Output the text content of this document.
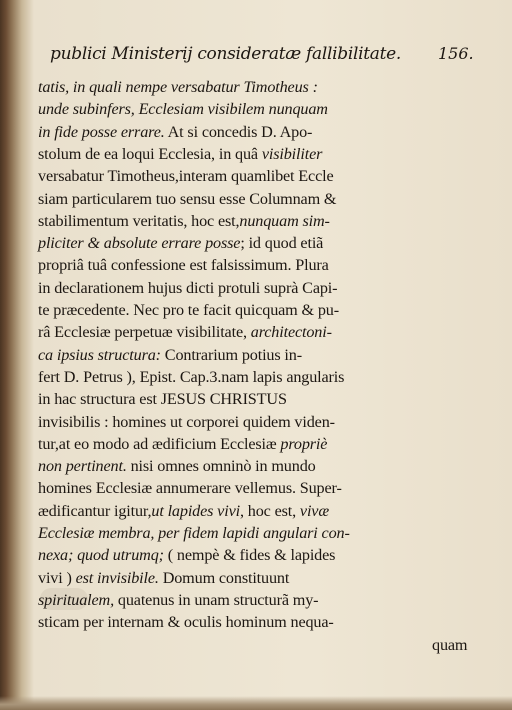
publici Ministerij consideratæ fallibilitate. 156.
tatis, in quali nempe versabatur Timotheus :
unde subinfers, Ecclesiam visibilem nunquam
in fide posse errare. At si concedis D. Apo-
stolum de ea loqui Ecclesia, in quâ visibiliter
versabatur Timotheus,interam quamlibet Eccle
siam particularem tuo sensu esse Columnam &
stabilimentum veritatis, hoc est,nunquam sim-
pliciter & absolute errare posse; id quod etiã
propriâ tuâ confessione est falsissimum. Plura
in declarationem hujus dicti protuli suprà Capi-
te præcedente. Nec pro te facit quicquam & pu-
râ Ecclesiæ perpetuæ visibilitate, architectoni-
ca ipsius structura: Contrarium potius in-
fert D. Petrus ), Epist. Cap.3.nam lapis angularis
in hac structura est JESUS CHRISTUS
invisibilis : homines ut corporei quidem viden-
tur,at eo modo ad ædificium Ecclesiæ propriè
non pertinent. nisi omnes omninò in mundo
homines Ecclesiæ annumerare vellemus. Super-
ædificantur igitur,ut lapides vivi, hoc est, vivæ
Ecclesiæ membra, per fidem lapidi angulari con-
nexa; quod utrumq; ( nempè & fides & lapides
vivi ) est invisibile. Domum constituunt
spiritualem, quatenus in unam structurã my-
sticam per internam & oculis hominum nequa-
quam
